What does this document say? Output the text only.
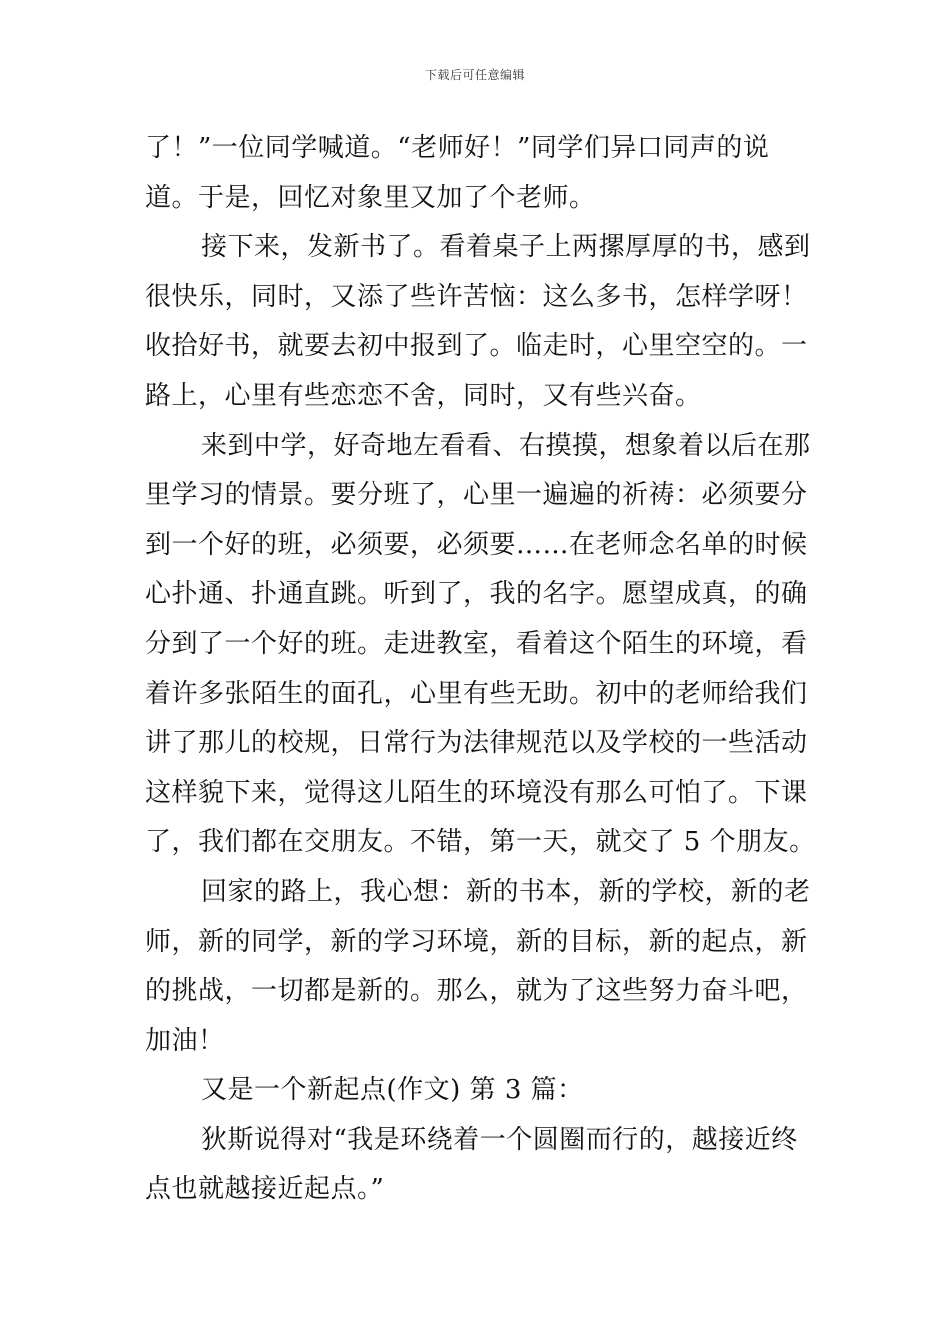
下载后可任意编辑
了！”一位同学喊道。“老师好！”同学们异口同声的说
道。于是，回忆对象里又加了个老师。
接下来，发新书了。看着桌子上两摞厚厚的书，感到
很快乐，同时，又添了些许苦恼：这么多书，怎样学呀！
收拾好书，就要去初中报到了。临走时，心里空空的。一
路上，心里有些恋恋不舍，同时，又有些兴奋。
来到中学，好奇地左看看、右摸摸，想象着以后在那
里学习的情景。要分班了，心里一遍遍的祈祷：必须要分
到一个好的班，必须要，必须要……在老师念名单的时候
心扑通、扑通直跳。听到了，我的名字。愿望成真，的确
分到了一个好的班。走进教室，看着这个陌生的环境，看
着许多张陌生的面孔，心里有些无助。初中的老师给我们
讲了那儿的校规，日常行为法律规范以及学校的一些活动
这样貌下来，觉得这儿陌生的环境没有那么可怕了。下课
了，我们都在交朋友。不错，第一天，就交了 5 个朋友。
回家的路上，我心想：新的书本，新的学校，新的老
师，新的同学，新的学习环境，新的目标，新的起点，新
的挑战，一切都是新的。那么，就为了这些努力奋斗吧，
加油！
又是一个新起点(作文) 第 3 篇：
狄斯说得对“我是环绕着一个圆圈而行的，越接近终
点也就越接近起点。”
